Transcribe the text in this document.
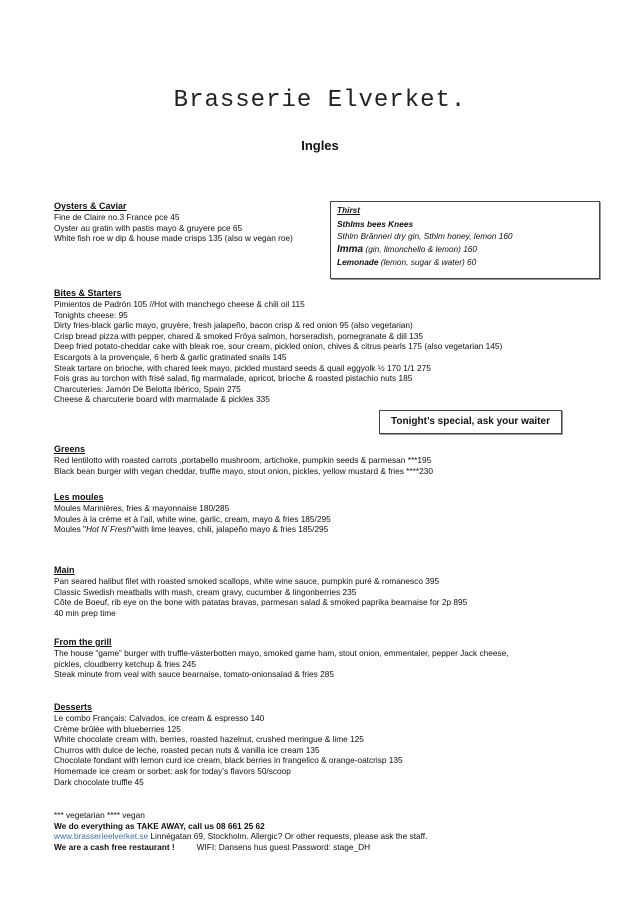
Brasserie Elverket.
Ingles
Oysters & Caviar
Fine de Claire no.3 France pce 45
Oyster au gratin with pastis mayo & gruyere pce 65
White fish roe w dip & house made crisps 135 (also w vegan roe)
Thirst
Sthlms bees Knees
Sthlm Brănneri dry gin, Sthlm honey, lemon 160
Imma (gin, limonchello & lemon) 160
Lemonade (lemon, sugar & water) 60
Bites & Starters
Pimientos de Padrón 105 //Hot with manchego cheese & chili oil 115
Tonights cheese: 95
Dirty fries-black garlic mayo, gruyère, fresh jalapeño, bacon crisp & red onion 95 (also vegetarian)
Crisp bread pizza with pepper, chared & smoked Fröya salmon, horseradish, pomegranate & dill 135
Deep fried potato-cheddar cake with bleak roe, sour cream, pickled onion, chives & citrus pearls 175 (also vegetarian 145)
Escargots à la provençale, 6 herb & garlic gratinated snails 145
Steak tartare on brioche, with chared leek mayo, pickled mustard seeds & quail eggyolk ½ 170 1/1 275
Fois gras au torchon with frisé salad, fig marmalade, apricot, brioche & roasted pistachio nuts 185
Charcuteries: Jamón De Belotta Ibérico, Spain 275
Cheese & charcuterie board with marmalade & pickles 335
Tonight’s special, ask your waiter
Greens
Red lentilotto with roasted carrots ,portabello mushroom, artichoke, pumpkin seeds & parmesan ***195
Black bean burger with vegan cheddar, truffle mayo, stout onion, pickles, yellow mustard & fries ****230
Les moules
Moules Marinières, fries & mayonnaise 180/285
Moules à la crème et à l’ail, white wine, garlic, cream, mayo & fries 185/295
Moules "Hot N´Fresh"with lime leaves, chili, jalapeño mayo & fries 185/295
Main
Pan seared halibut filet with roasted smoked scallops, white wine sauce, pumpkin puré & romanesco 395
Classic Swedish meatballs with mash, cream gravy, cucumber & lingonberries 235
Côte de Boeuf, rib eye on the bone with patatas bravas, parmesan salad & smoked paprika bearnaise for 2p 895
40 min prep time
From the grill
The house “game” burger with truffle-västerbotten mayo, smoked game ham, stout onion, emmentaler, pepper Jack cheese,
pickles, cloudberry ketchup & fries 245
Steak minute from veal with sauce bearnaise, tomato-onionsalad & fries 285
Desserts
Le combo Français: Calvados, ice cream & espresso 140
Crème brûlée with blueberries 125
White chocolate cream with, berries, roasted hazelnut, crushed meringue & lime 125
Churros with dulce de leche, roasted pecan nuts & vanilla ice cream 135
Chocolate fondant with lemon curd ice cream, black berries in frangelico & orange-oatcrisp 135
Homemade ice cream or sorbet: ask for today’s flavors 50/scoop
Dark chocolate truffle 45
*** vegetarian **** vegan
We do everything as TAKE AWAY, call us 08 661 25 62
www.brasserieelverket.se Linnégatan 69, Stockholm. Allergic? Or other requests, please ask the staff.
We are a cash free restaurant !	WIFI: Dansens hus guest Password: stage_DH
